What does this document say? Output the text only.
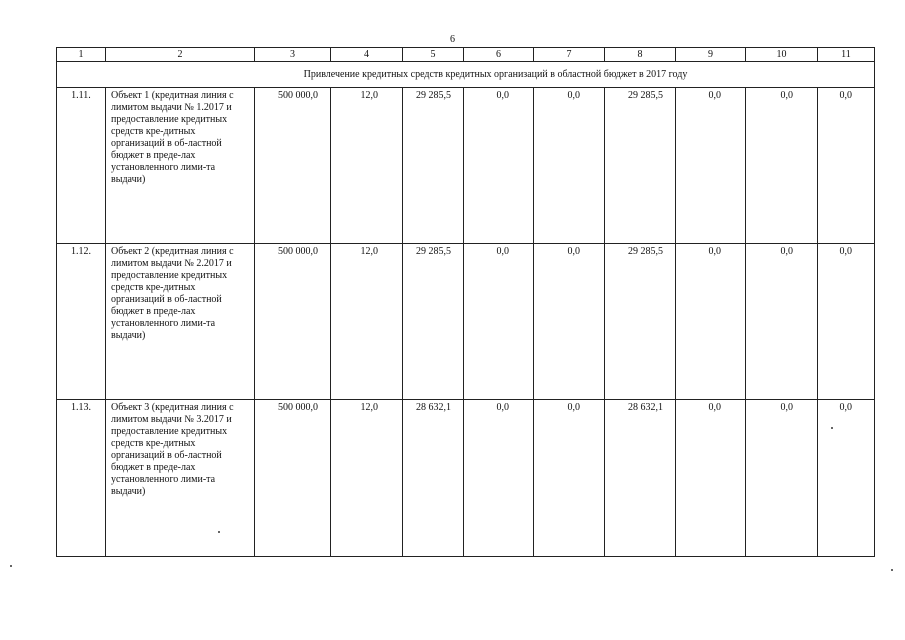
6
1	2	3	4	5	6	7	8	9	10	11
Привлечение кредитных средств кредитных организаций в областной бюджет в 2017 году										
1.11.	Объект 1 (кредитная линия с лимитом выдачи № 1.2017 и предоставление кредитных средств кре-дитных организаций в об-ластной бюджет в преде-лах установленного лими-та выдачи)	500 000,0	12,0	29 285,5	0,0	0,0	29 285,5	0,0	0,0	0,0
1.12.	Объект 2 (кредитная линия с лимитом выдачи № 2.2017 и предоставление кредитных средств кре-дитных организаций в об-ластной бюджет в преде-лах установленного лими-та выдачи)	500 000,0	12,0	29 285,5	0,0	0,0	29 285,5	0,0	0,0	0,0
1.13.	Объект 3 (кредитная линия с лимитом выдачи № 3.2017 и предоставление кредитных средств кре-дитных организаций в об-ластной бюджет в преде-лах установленного лими-та выдачи)	500 000,0	12,0	28 632,1	0,0	0,0	28 632,1	0,0	0,0	0,0
